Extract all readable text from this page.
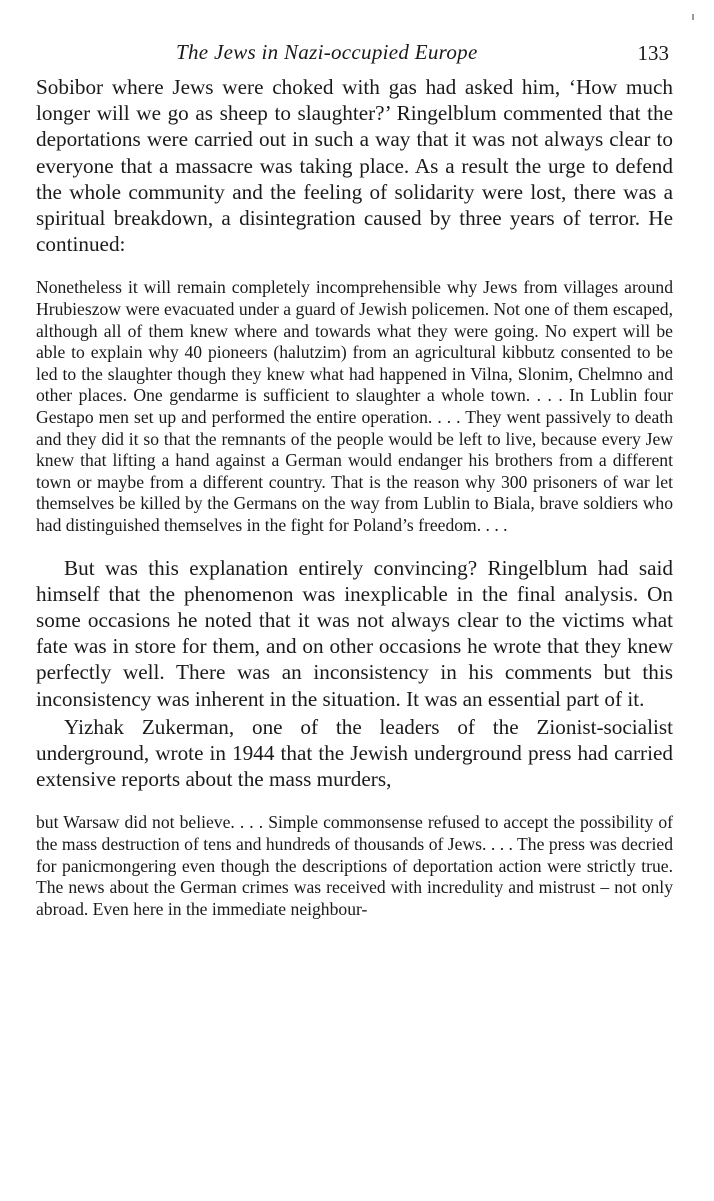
The Jews in Nazi-occupied Europe	133

Sobibor where Jews were choked with gas had asked him, ‘How much longer will we go as sheep to slaughter?’ Ringelblum commented that the deportations were carried out in such a way that it was not always clear to everyone that a massacre was taking place. As a result the urge to defend the whole community and the feeling of solidarity were lost, there was a spiritual breakdown, a disintegration caused by three years of terror. He continued:

Nonetheless it will remain completely incomprehensible why Jews from villages around Hrubieszow were evacuated under a guard of Jewish policemen. Not one of them escaped, although all of them knew where and towards what they were going. No expert will be able to explain why 40 pioneers (halutzim) from an agricultural kibbutz consented to be led to the slaughter though they knew what had happened in Vilna, Slonim, Chelmno and other places. One gendarme is sufficient to slaughter a whole town. . . . In Lublin four Gestapo men set up and performed the entire operation. . . . They went passively to death and they did it so that the remnants of the people would be left to live, because every Jew knew that lifting a hand against a German would endanger his brothers from a different town or maybe from a different country. That is the reason why 300 prisoners of war let themselves be killed by the Germans on the way from Lublin to Biala, brave soldiers who had distinguished themselves in the fight for Poland’s freedom. . . .

But was this explanation entirely convincing? Ringelblum had said himself that the phenomenon was inexplicable in the final analysis. On some occasions he noted that it was not always clear to the victims what fate was in store for them, and on other occasions he wrote that they knew perfectly well. There was an inconsistency in his comments but this inconsistency was inherent in the situation. It was an essential part of it.

Yizhak Zukerman, one of the leaders of the Zionist-socialist underground, wrote in 1944 that the Jewish underground press had carried extensive reports about the mass murders,

but Warsaw did not believe. . . . Simple commonsense refused to accept the possibility of the mass destruction of tens and hundreds of thousands of Jews. . . . The press was decried for panicmongering even though the descriptions of deportation action were strictly true. The news about the German crimes was received with incredulity and mistrust – not only abroad. Even here in the immediate neighbour-
